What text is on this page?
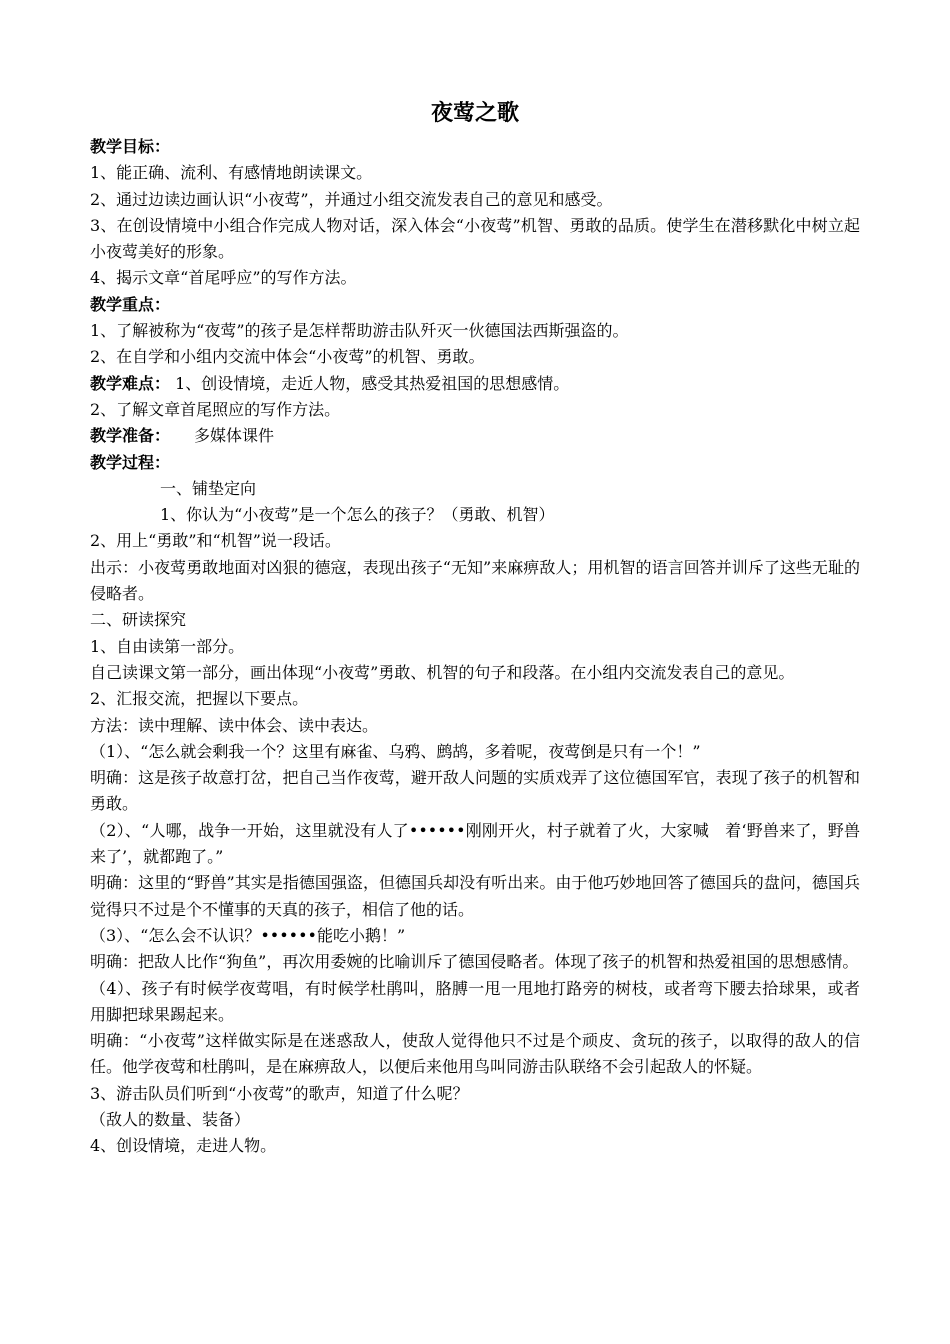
夜莺之歌
教学目标：
1、能正确、流利、有感情地朗读课文。
2、通过边读边画认识“小夜莺”，并通过小组交流发表自己的意见和感受。
3、在创设情境中小组合作完成人物对话，深入体会“小夜莺”机智、勇敢的品质。使学生在潜移默化中树立起小夜莺美好的形象。
4、揭示文章“首尾呼应”的写作方法。
教学重点：
1、了解被称为“夜莺”的孩子是怎样帮助游击队歼灭一伙德国法西斯强盗的。
2、在自学和小组内交流中体会“小夜莺”的机智、勇敢。
教学难点： 1、创设情境，走近人物，感受其热爱祖国的思想感情。
2、了解文章首尾照应的写作方法。
教学准备： 多媒体课件
教学过程：
一、铺垫定向
1、你认为“小夜莺”是一个怎么的孩子？（勇敢、机智）
2、用上“勇敢”和“机智”说一段话。
出示：小夜莺勇敢地面对凶狠的德寇，表现出孩子“无知”来麻痹敌人；用机智的语言回答并训斥了这些无耻的侵略者。
二、研读探究
1、自由读第一部分。
自己读课文第一部分，画出体现“小夜莺”勇敢、机智的句子和段落。在小组内交流发表自己的意见。
2、汇报交流，把握以下要点。
方法：读中理解、读中体会、读中表达。
（1）、“怎么就会剩我一个？这里有麻雀、乌鸦、鹧鸪，多着呢，夜莺倒是只有一个！”
明确：这是孩子故意打岔，把自己当作夜莺，避开敌人问题的实质戏弄了这位德国军官，表现了孩子的机智和勇敢。
（2）、“人哪，战争一开始，这里就没有人了••••••刚刚开火，村子就着了火，大家喊　着‘野兽来了，野兽来了’，就都跑了。”
明确：这里的“野兽”其实是指德国强盗，但德国兵却没有听出来。由于他巧妙地回答了德国兵的盘问，德国兵觉得只不过是个不懂事的天真的孩子，相信了他的话。
（3）、“怎么会不认识？••••••能吃小鹅！”
明确：把敌人比作“狗鱼”，再次用委婉的比喻训斥了德国侵略者。体现了孩子的机智和热爱祖国的思想感情。
（4）、孩子有时候学夜莺唱，有时候学杜鹃叫，胳膊一甩一甩地打路旁的树枝，或者弯下腰去拾球果，或者用脚把球果踢起来。
明确：“小夜莺”这样做实际是在迷惑敌人，使敌人觉得他只不过是个顽皮、贪玩的孩子，以取得的敌人的信任。他学夜莺和杜鹃叫，是在麻痹敌人，以便后来他用鸟叫同游击队联络不会引起敌人的怀疑。
3、游击队员们听到“小夜莺”的歌声，知道了什么呢？
（敌人的数量、装备）
4、创设情境，走进人物。
